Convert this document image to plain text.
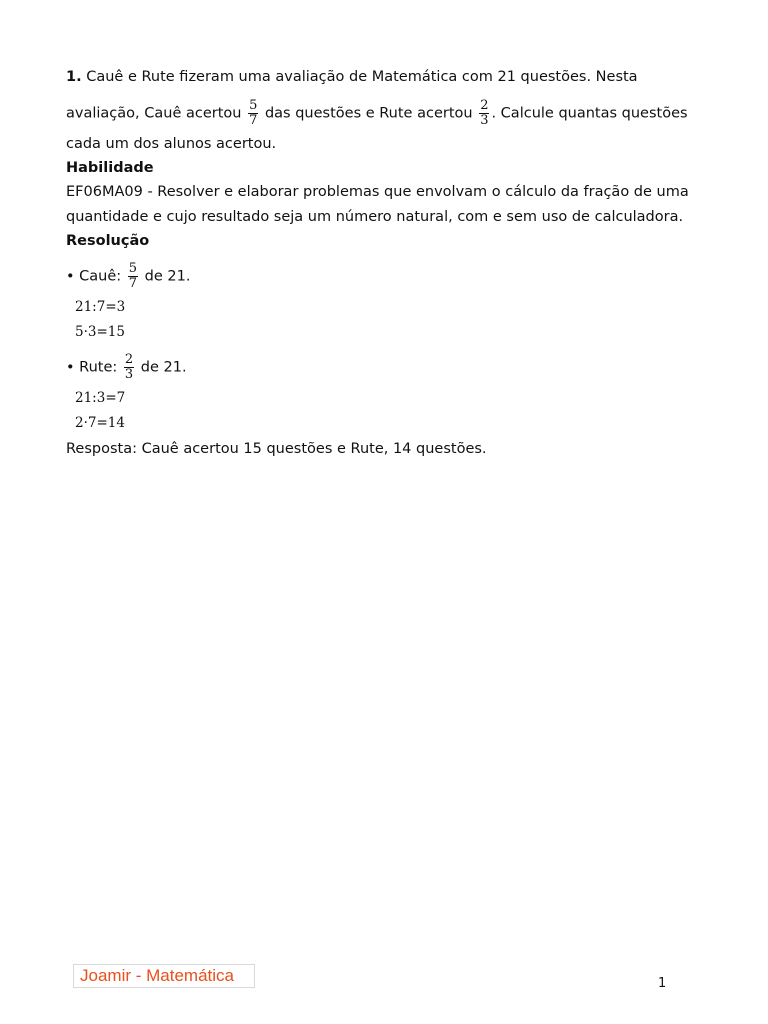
1. Cauê e Rute fizeram uma avaliação de Matemática com 21 questões. Nesta
avaliação, Cauê acertou $\frac{5}{7}$ das questões e Rute acertou $\frac{2}{3}$ . Calcule quantas questões
cada um dos alunos acertou.
Habilidade
EF06MA09 - Resolver e elaborar problemas que envolvam o cálculo da fração de uma
quantidade e cujo resultado seja um número natural, com e sem uso de calculadora.
Resolução
• Cauê: $\frac{5}{7}$ de 21.
21:7=3
5·3=15
• Rute: $\frac{2}{3}$ de 21.
21:3=7
2·7=14
Resposta: Cauê acertou 15 questões e Rute, 14 questões.
Joamir - Matemática	1
